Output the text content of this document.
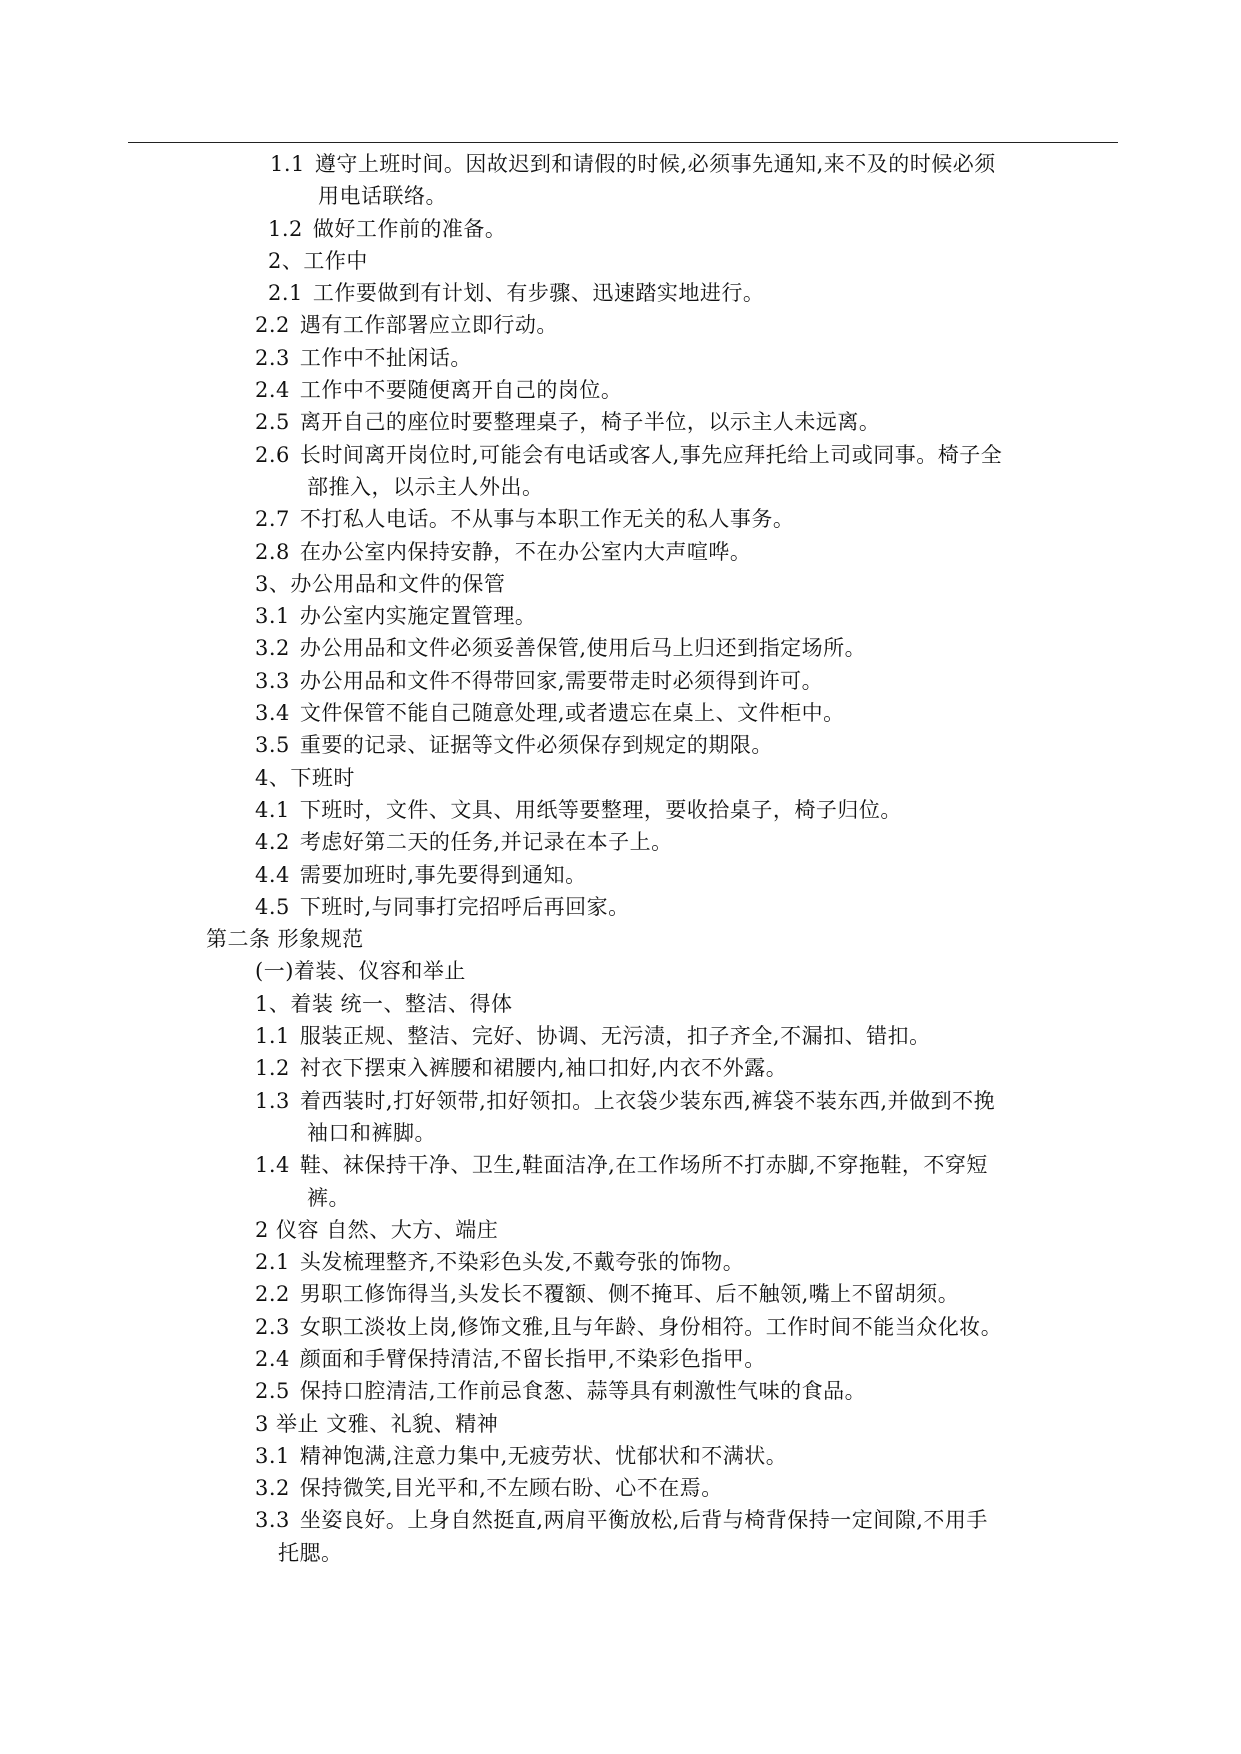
1.1 遵守上班时间。因故迟到和请假的时候,必须事先通知,来不及的时候必须
用电话联络。
1.2 做好工作前的准备。
2、工作中
2.1 工作要做到有计划、有步骤、迅速踏实地进行。
2.2 遇有工作部署应立即行动。
2.3 工作中不扯闲话。
2.4 工作中不要随便离开自己的岗位。
2.5 离开自己的座位时要整理桌子，椅子半位，以示主人未远离。
2.6 长时间离开岗位时,可能会有电话或客人,事先应拜托给上司或同事。椅子全
部推入，以示主人外出。
2.7 不打私人电话。不从事与本职工作无关的私人事务。
2.8 在办公室内保持安静，不在办公室内大声喧哗。
3、办公用品和文件的保管
3.1 办公室内实施定置管理。
3.2 办公用品和文件必须妥善保管,使用后马上归还到指定场所。
3.3 办公用品和文件不得带回家,需要带走时必须得到许可。
3.4 文件保管不能自己随意处理,或者遗忘在桌上、文件柜中。
3.5 重要的记录、证据等文件必须保存到规定的期限。
4、下班时
4.1 下班时，文件、文具、用纸等要整理，要收拾桌子，椅子归位。
4.2 考虑好第二天的任务,并记录在本子上。
4.4 需要加班时,事先要得到通知。
4.5 下班时,与同事打完招呼后再回家。
第二条 形象规范
(一)着装、仪容和举止
1、着装 统一、整洁、得体
1.1 服装正规、整洁、完好、协调、无污渍，扣子齐全,不漏扣、错扣。
1.2 衬衣下摆束入裤腰和裙腰内,袖口扣好,内衣不外露。
1.3 着西装时,打好领带,扣好领扣。上衣袋少装东西,裤袋不装东西,并做到不挽
袖口和裤脚。
1.4 鞋、袜保持干净、卫生,鞋面洁净,在工作场所不打赤脚,不穿拖鞋，不穿短
裤。
2 仪容 自然、大方、端庄
2.1 头发梳理整齐,不染彩色头发,不戴夸张的饰物。
2.2 男职工修饰得当,头发长不覆额、侧不掩耳、后不触领,嘴上不留胡须。
2.3 女职工淡妆上岗,修饰文雅,且与年龄、身份相符。工作时间不能当众化妆。
2.4 颜面和手臂保持清洁,不留长指甲,不染彩色指甲。
2.5 保持口腔清洁,工作前忌食葱、蒜等具有刺激性气味的食品。
3 举止 文雅、礼貌、精神
3.1 精神饱满,注意力集中,无疲劳状、忧郁状和不满状。
3.2 保持微笑,目光平和,不左顾右盼、心不在焉。
3.3 坐姿良好。上身自然挺直,两肩平衡放松,后背与椅背保持一定间隙,不用手
托腮。
